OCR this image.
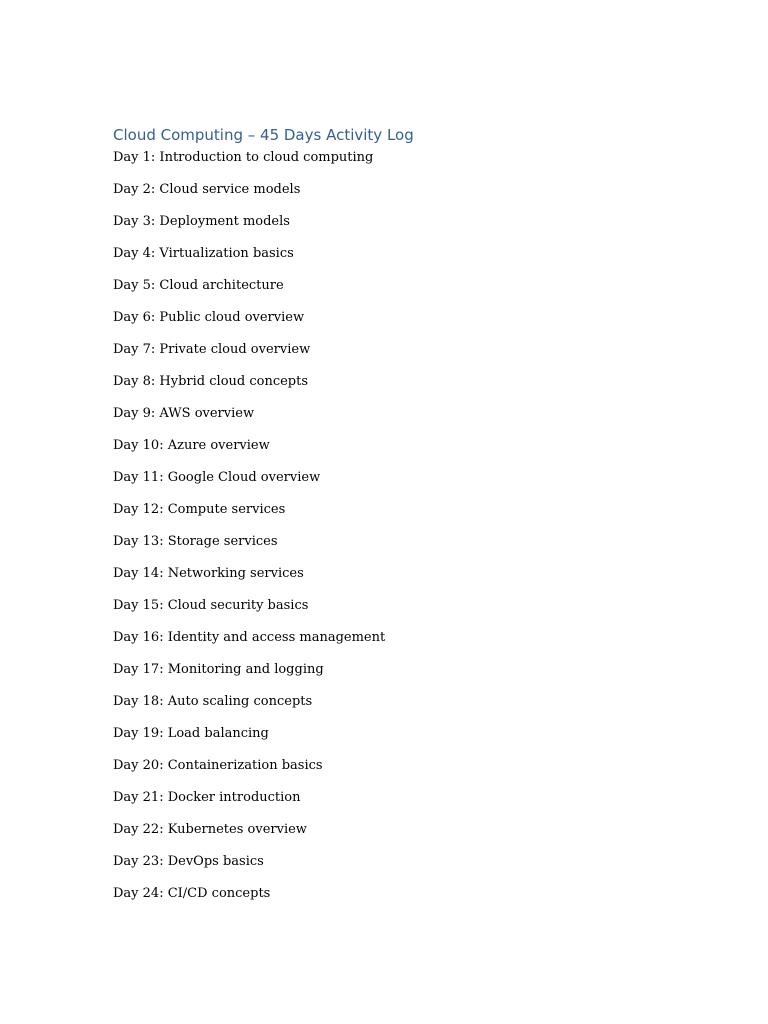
Cloud Computing – 45 Days Activity Log
Day 1: Introduction to cloud computing
Day 2: Cloud service models
Day 3: Deployment models
Day 4: Virtualization basics
Day 5: Cloud architecture
Day 6: Public cloud overview
Day 7: Private cloud overview
Day 8: Hybrid cloud concepts
Day 9: AWS overview
Day 10: Azure overview
Day 11: Google Cloud overview
Day 12: Compute services
Day 13: Storage services
Day 14: Networking services
Day 15: Cloud security basics
Day 16: Identity and access management
Day 17: Monitoring and logging
Day 18: Auto scaling concepts
Day 19: Load balancing
Day 20: Containerization basics
Day 21: Docker introduction
Day 22: Kubernetes overview
Day 23: DevOps basics
Day 24: CI/CD concepts
